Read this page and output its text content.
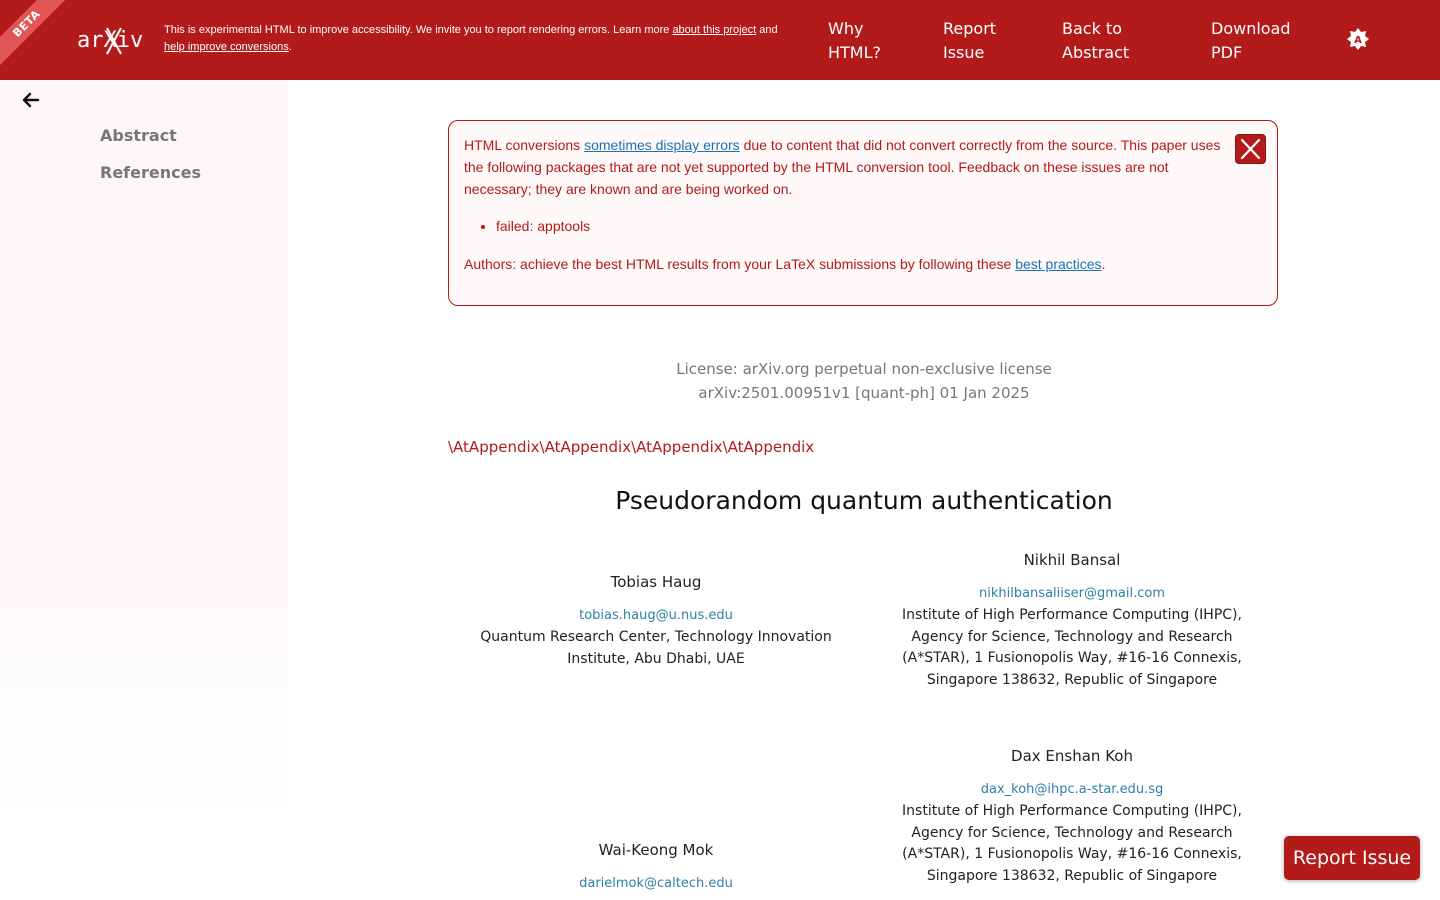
BETA
arXiv This is experimental HTML to improve accessibility. We invite you to report rendering errors. Learn more about this project and
help improve conversions.
Why
HTML?
Report
Issue
Back to
Abstract
Download
PDF
A
Abstract
References
HTML conversions sometimes display errors due to content that did not convert correctly from the source. This paper uses the following packages that are not yet supported by the HTML conversion tool. Feedback on these issues are not necessary; they are known and are being worked on.
• failed: apptools
Authors: achieve the best HTML results from your LaTeX submissions by following these best practices.
License: arXiv.org perpetual non-exclusive license
arXiv:2501.00951v1 [quant-ph] 01 Jan 2025
\AtAppendix\AtAppendix\AtAppendix\AtAppendix
Pseudorandom quantum authentication
Tobias Haug
tobias.haug@u.nus.edu
Quantum Research Center, Technology Innovation Institute, Abu Dhabi, UAE
Nikhil Bansal
nikhilbansaliiser@gmail.com
Institute of High Performance Computing (IHPC), Agency for Science, Technology and Research (A*STAR), 1 Fusionopolis Way, #16-16 Connexis, Singapore 138632, Republic of Singapore
Dax Enshan Koh
dax_koh@ihpc.a-star.edu.sg
Institute of High Performance Computing (IHPC), Agency for Science, Technology and Research (A*STAR), 1 Fusionopolis Way, #16-16 Connexis, Singapore 138632, Republic of Singapore
Wai-Keong Mok
darielmok@caltech.edu
Report Issue
